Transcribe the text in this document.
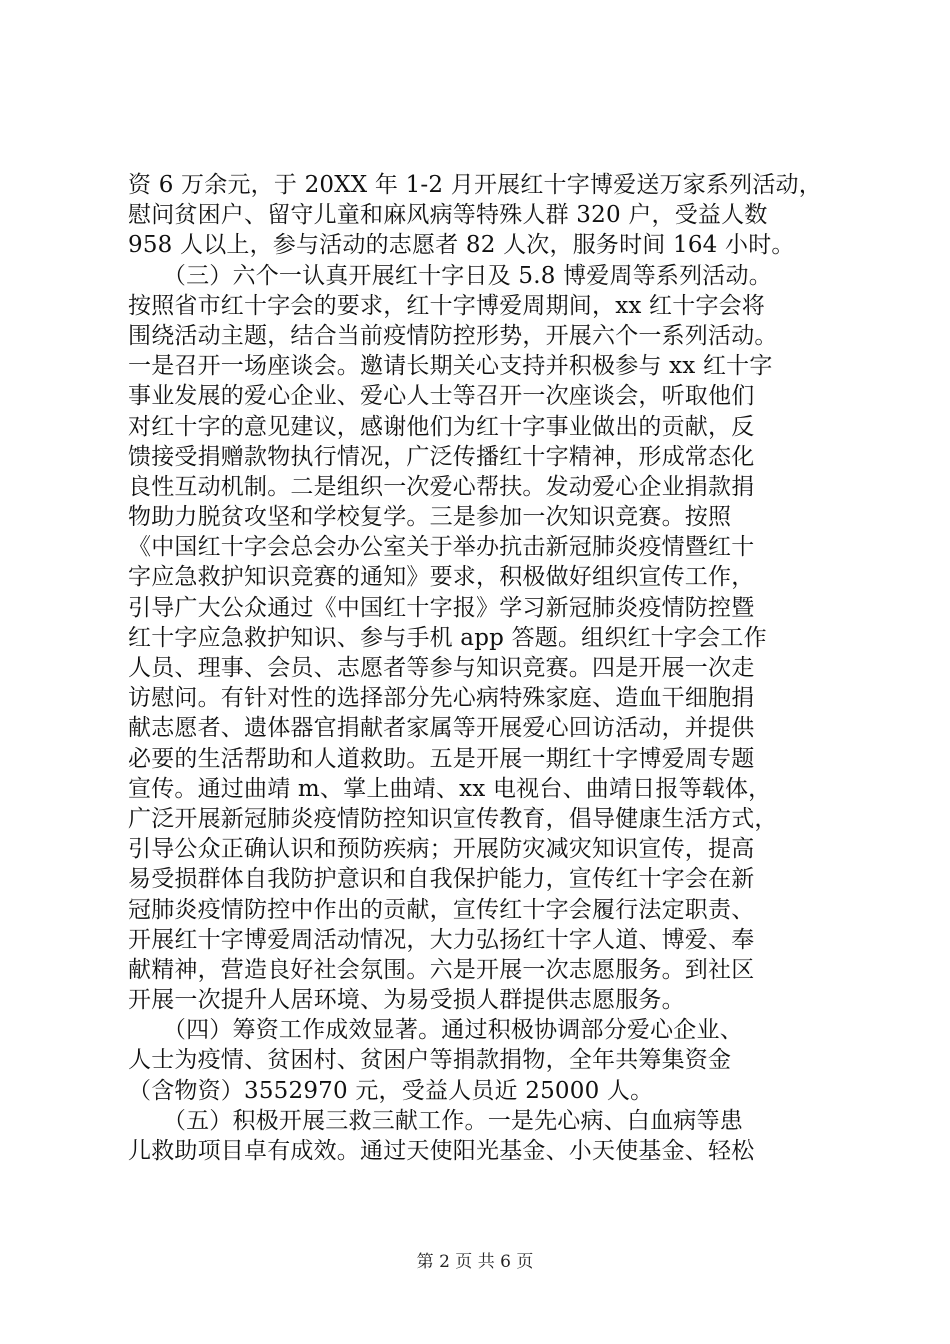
资 6 万余元，于 20XX 年 1-2 月开展红十字博爱送万家系列活动，
慰问贫困户、留守儿童和麻风病等特殊人群 320 户，受益人数
958 人以上，参与活动的志愿者 82 人次，服务时间 164 小时。
　　（三）六个一认真开展红十字日及 5.8 博爱周等系列活动。
按照省市红十字会的要求，红十字博爱周期间，xx 红十字会将
围绕活动主题，结合当前疫情防控形势，开展六个一系列活动。
一是召开一场座谈会。邀请长期关心支持并积极参与 xx 红十字
事业发展的爱心企业、爱心人士等召开一次座谈会，听取他们
对红十字的意见建议，感谢他们为红十字事业做出的贡献，反
馈接受捐赠款物执行情况，广泛传播红十字精神，形成常态化
良性互动机制。二是组织一次爱心帮扶。发动爱心企业捐款捐
物助力脱贫攻坚和学校复学。三是参加一次知识竞赛。按照
《中国红十字会总会办公室关于举办抗击新冠肺炎疫情暨红十
字应急救护知识竞赛的通知》要求，积极做好组织宣传工作，
引导广大公众通过《中国红十字报》学习新冠肺炎疫情防控暨
红十字应急救护知识、参与手机 app 答题。组织红十字会工作
人员、理事、会员、志愿者等参与知识竞赛。四是开展一次走
访慰问。有针对性的选择部分先心病特殊家庭、造血干细胞捐
献志愿者、遗体器官捐献者家属等开展爱心回访活动，并提供
必要的生活帮助和人道救助。五是开展一期红十字博爱周专题
宣传。通过曲靖 m、掌上曲靖、xx 电视台、曲靖日报等载体，
广泛开展新冠肺炎疫情防控知识宣传教育，倡导健康生活方式，
引导公众正确认识和预防疾病；开展防灾减灾知识宣传，提高
易受损群体自我防护意识和自我保护能力，宣传红十字会在新
冠肺炎疫情防控中作出的贡献，宣传红十字会履行法定职责、
开展红十字博爱周活动情况，大力弘扬红十字人道、博爱、奉
献精神，营造良好社会氛围。六是开展一次志愿服务。到社区
开展一次提升人居环境、为易受损人群提供志愿服务。
　　（四）筹资工作成效显著。通过积极协调部分爱心企业、
人士为疫情、贫困村、贫困户等捐款捐物，全年共筹集资金
（含物资）3552970 元，受益人员近 25000 人。
　　（五）积极开展三救三献工作。一是先心病、白血病等患
儿救助项目卓有成效。通过天使阳光基金、小天使基金、轻松
第 2 页 共 6 页
